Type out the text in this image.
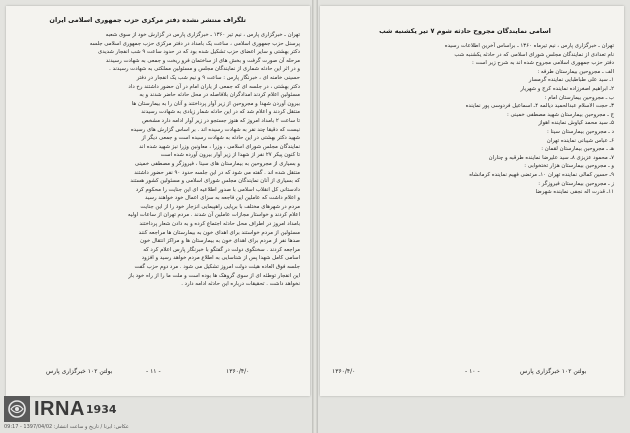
تلگراف منتشر نشده دفتر مرکزی حزب جمهوری اسلامی ایران
تهران ـ خبرگزاری پارس ، نیم تیر ۱۳۶۰ ـ خبرگزاری پارس در گزارش خود از سوی شعبه
پرسنل حزب جمهوری اسلامی ، ساعت یک بامداد در دفتر مرکزی حزب جمهوری اسلامی جلسه
دکتر بهشتی و سایر اعضای حزب تشکیل شده بود که در حدود ساعت ۹ شب انفجار شدیدی
مرحله آن صورت گرفت و بخش های از ساختمان فرو ریخت و جمعی به شهادت رسیدند
و در اثر این حادثه شماری از نمایندگان مجلس و مسئولین مملکتی به شهادت رسیدند .
حسینی خامنه ای ، خبرنگار پارس : ساعت ۹ و نیم شب یک انفجار در دفتر
دکتر بهشتی ، در جلسه ای که جمعی از یاران امام در آن حضور داشتند رخ داد
مسئولین اعلام کردند امدادگران بلافاصله در محل حادثه حاضر شدند و به
بیرون آوردن شهدا و مجروحین از زیر آوار پرداختند و آنان را به بیمارستان ها
منتقل کردند و اعلام شد که در این حادثه شمار زیادی به شهادت رسیدند
تا ساعت ۲ بامداد امروز که هنوز جستجو در زیر آوار ادامه دارد مشخص
نیست که دقیقا چند نفر به شهادت رسیده اند . بر اساس گزارش های رسیده
شهید دکتر بهشتی در این حادثه به شهادت رسیده است و جمعی دیگر از
نمایندگان مجلس شورای اسلامی ، وزرا ، معاونین وزرا نیز شهید شده اند
تا کنون پیکر ۲۷ نفر از شهدا از زیر آوار بیرون آورده شده است
و بسیاری از مجروحین به بیمارستان های سینا ، فیروزگر و مصطفی خمینی
منتقل شده اند . گفته می شود که در این جلسه حدود ۹۰ نفر حضور داشتند
که بسیاری از آنان نمایندگان مجلس شورای اسلامی و مسئولین کشور هستند
دادستانی کل انقلاب اسلامی با صدور اطلاعیه ای این جنایت را محکوم کرد
و اعلام داشت که عاملین این فاجعه به سزای اعمال خود خواهند رسید
مردم در شهرهای مختلف با برپایی راهپیمایی انزجار خود را از این جنایت
اعلام کردند و خواستار مجازات عاملین آن شدند . مردم تهران از ساعات اولیه
بامداد امروز در اطراف محل حادثه اجتماع کرده و به دادن شعار پرداختند
مسئولین از مردم خواستند برای اهدای خون به بیمارستان ها مراجعه کنند
صدها نفر از مردم برای اهدای خون به بیمارستان ها و مراکز انتقال خون
مراجعه کردند . سخنگوی دولت در گفتگو با خبرنگار پارس اعلام کرد که
اسامی کامل شهدا پس از شناسایی به اطلاع مردم خواهد رسید و افزود
جلسه فوق العاده هیئت دولت امروز تشکیل می شود . مرد دوم حزب گفت
این انفجار توطئه ای از سوی گروهک ها بوده است و ملت ما را از راه خود باز
نخواهد داشت . تحقیقات درباره این حادثه ادامه دارد .
بولتن ۱۰۲ خبرگزاری پارس	- ۱۱ -	۱۳۶۰/۴/۰
اسامی نمایندگان مجروح حادثه شوم ۷ تیر یکشنبه شب
تهران ـ خبرگزاری پارس ، نیم تیرماه ۱۳۶۰ ـ براساس آخرین اطلاعات رسیده
نام تعدادی از نمایندگان مجلس شورای اسلامی که در حادثه یکشنبه شب
دفتر حزب جمهوری اسلامی مجروح شده اند به شرح زیر است :
الف ـ مجروحین بیمارستان طرفه :
۱ـ سید علی طباطبایی نماینده گرمسار
۲ـ ابراهیم اصغرزاده نماینده کرج و شهریار
ب ـ مجروحین بیمارستان امام :
۳ـ حجت الاسلام عبدالحمید دیالمه ۴ـ اسماعیل فردوسی پور نماینده
ج ـ مجروحین بیمارستان شهید مصطفی خمینی :
۵ـ سید محمد کیاوش نماینده اهواز
د ـ مجروحین بیمارستان سینا :
۶ـ عباس شیبانی نماینده تهران
هـ ـ مجروحین بیمارستان لقمان :
۷ـ محمود عزیزی ۸ـ سید علیرضا نماینده طرقبه و چناران
و ـ مجروحین بیمارستان هزار تختخوابی :
۹ـ حسین کمالی نماینده تهران ۱۰ـ مرتضی فهیم نماینده کرمانشاه
ز ـ مجروحین بیمارستان فیروزگر :
۱۱ـ قدرت اله نجفی نماینده شهرضا
۱۳۶۰/۴/۰	- ۱۰ -	بولتن ۱۰۲ خبرگزاری پارس
IRNA 1934
عکاس: ایرنا / تاریخ و ساعت انتشار: 1397/04/02 - 09:17
